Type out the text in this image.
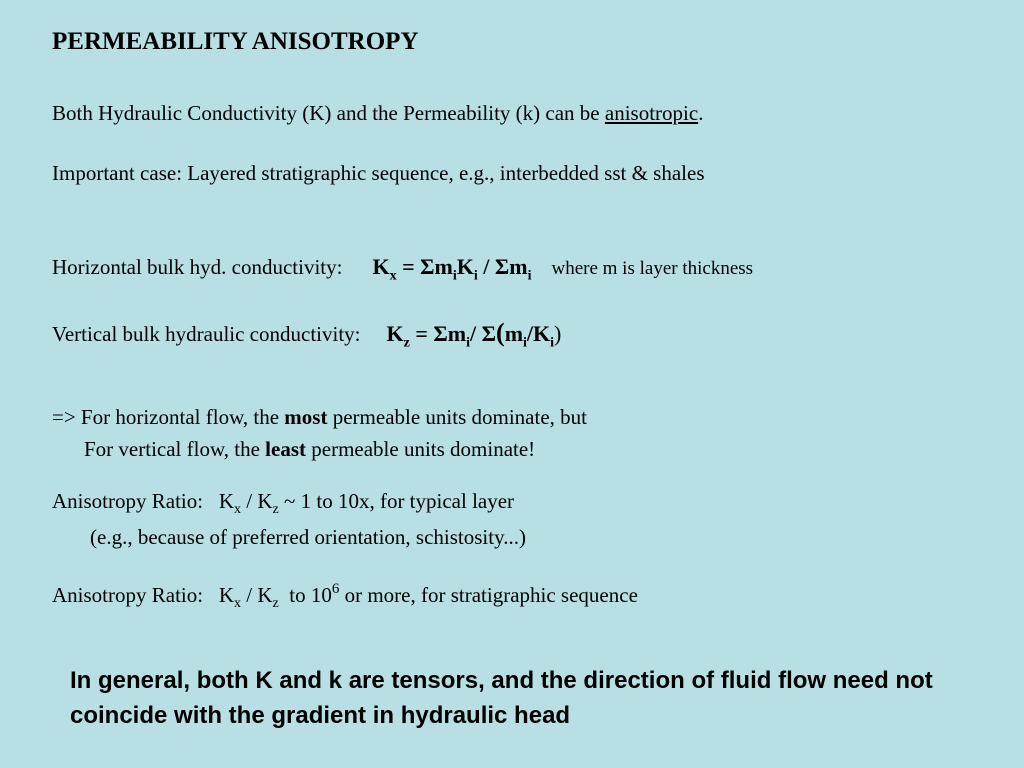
PERMEABILITY ANISOTROPY
Both Hydraulic Conductivity (K) and the Permeability (k) can be anisotropic.
Important case: Layered stratigraphic sequence, e.g., interbedded sst & shales
Horizontal bulk hyd. conductivity: $K_x = \Sigma m_iK_i / \Sigma m_i$ where m is layer thickness
Vertical bulk hydraulic conductivity: $K_z = \Sigma m_i/$ $\Sigma(m_i/K_i)$
=> For horizontal flow, the most permeable units dominate, but
For vertical flow, the least permeable units dominate!
Anisotropy Ratio: $K_x / K_z$ ~ 1 to 10x, for typical layer
(e.g., because of preferred orientation, schistosity...)
Anisotropy Ratio: $K_x / K_z$  to $10^6$ or more, for stratigraphic sequence
In general, both K and k are tensors, and the direction of fluid flow need not coincide with the gradient in hydraulic head
